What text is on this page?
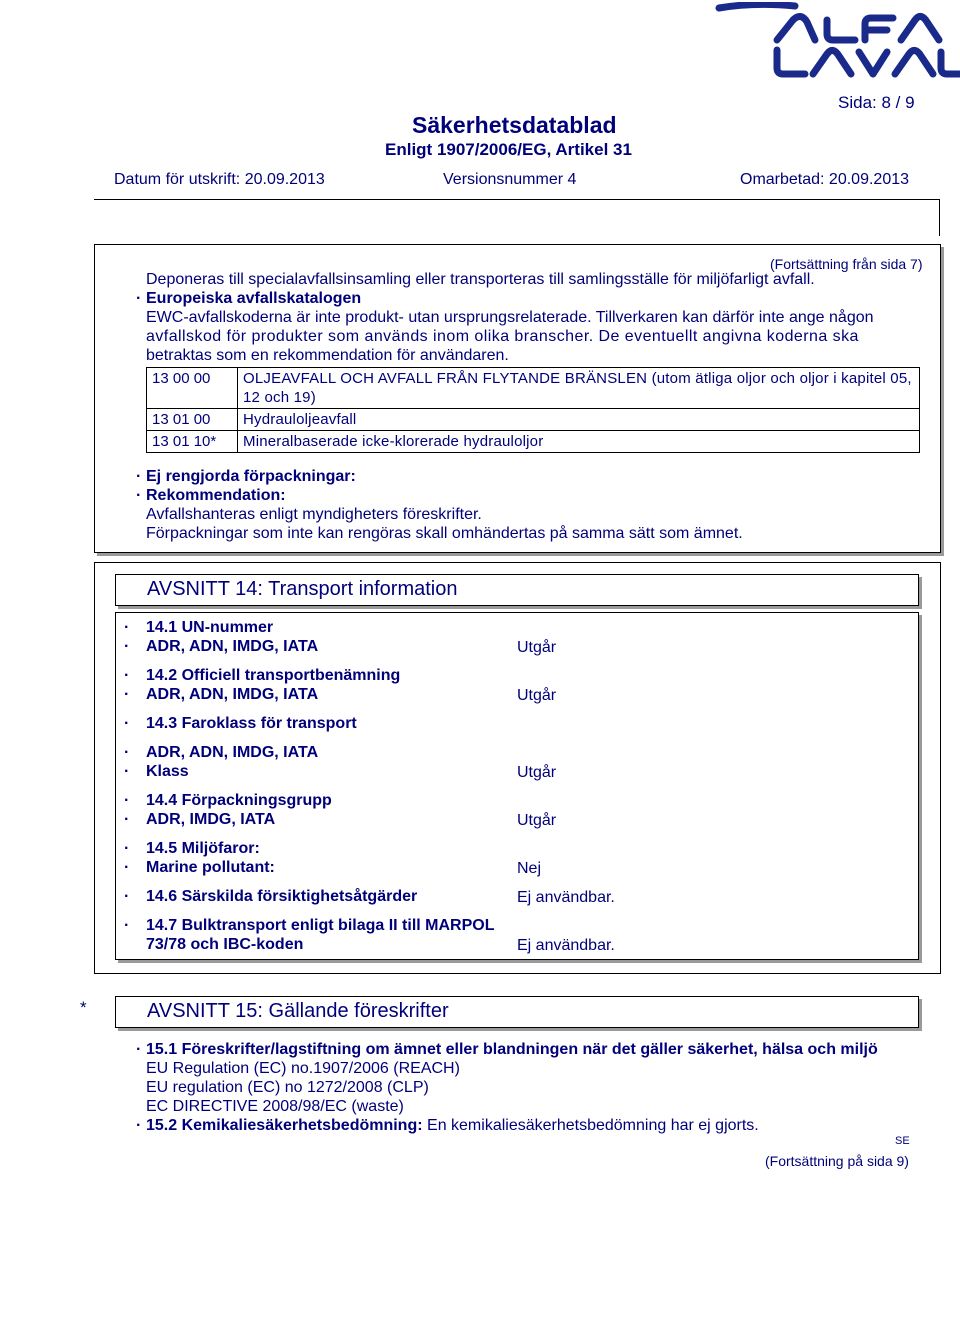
Sida: 8 / 9
Säkerhetsdatablad
Enligt 1907/2006/EG, Artikel 31
Datum för utskrift: 20.09.2013	Versionsnummer 4	Omarbetad: 20.09.2013
(Fortsättning från sida 7)
Deponeras till specialavfallsinsamling eller transporteras till samlingsställe för miljöfarligt avfall.
· Europeiska avfallskatalogen
EWC-avfallskoderna är inte produkt- utan ursprungsrelaterade. Tillverkaren kan därför inte ange någon
avfallskod för produkter som används inom olika branscher. De eventuellt angivna koderna ska
betraktas som en rekommendation för användaren.
13 00 00	OLJEAVFALL OCH AVFALL FRÅN FLYTANDE BRÄNSLEN (utom ätliga oljor och oljor i kapitel 05, 12 och 19)
13 01 00	Hydrauloljeavfall
13 01 10*	Mineralbaserade icke-klorerade hydrauloljor
· Ej rengjorda förpackningar:
· Rekommendation:
Avfallshanteras enligt myndigheters föreskrifter.
Förpackningar som inte kan rengöras skall omhändertas på samma sätt som ämnet.
AVSNITT 14: Transport information
· 14.1 UN-nummer
· ADR, ADN, IMDG, IATA	Utgår
· 14.2 Officiell transportbenämning
· ADR, ADN, IMDG, IATA	Utgår
· 14.3 Faroklass för transport
· ADR, ADN, IMDG, IATA
· Klass	Utgår
· 14.4 Förpackningsgrupp
· ADR, IMDG, IATA	Utgår
· 14.5 Miljöfaror:
· Marine pollutant:	Nej
· 14.6 Särskilda försiktighetsåtgärder	Ej användbar.
· 14.7 Bulktransport enligt bilaga II till MARPOL
73/78 och IBC-koden	Ej användbar.
*	AVSNITT 15: Gällande föreskrifter
· 15.1 Föreskrifter/lagstiftning om ämnet eller blandningen när det gäller säkerhet, hälsa och miljö
EU Regulation (EC) no.1907/2006 (REACH)
EU regulation (EC) no 1272/2008 (CLP)
EC DIRECTIVE 2008/98/EC (waste)
· 15.2 Kemikaliesäkerhetsbedömning: En kemikaliesäkerhetsbedömning har ej gjorts.
SE
(Fortsättning på sida 9)
